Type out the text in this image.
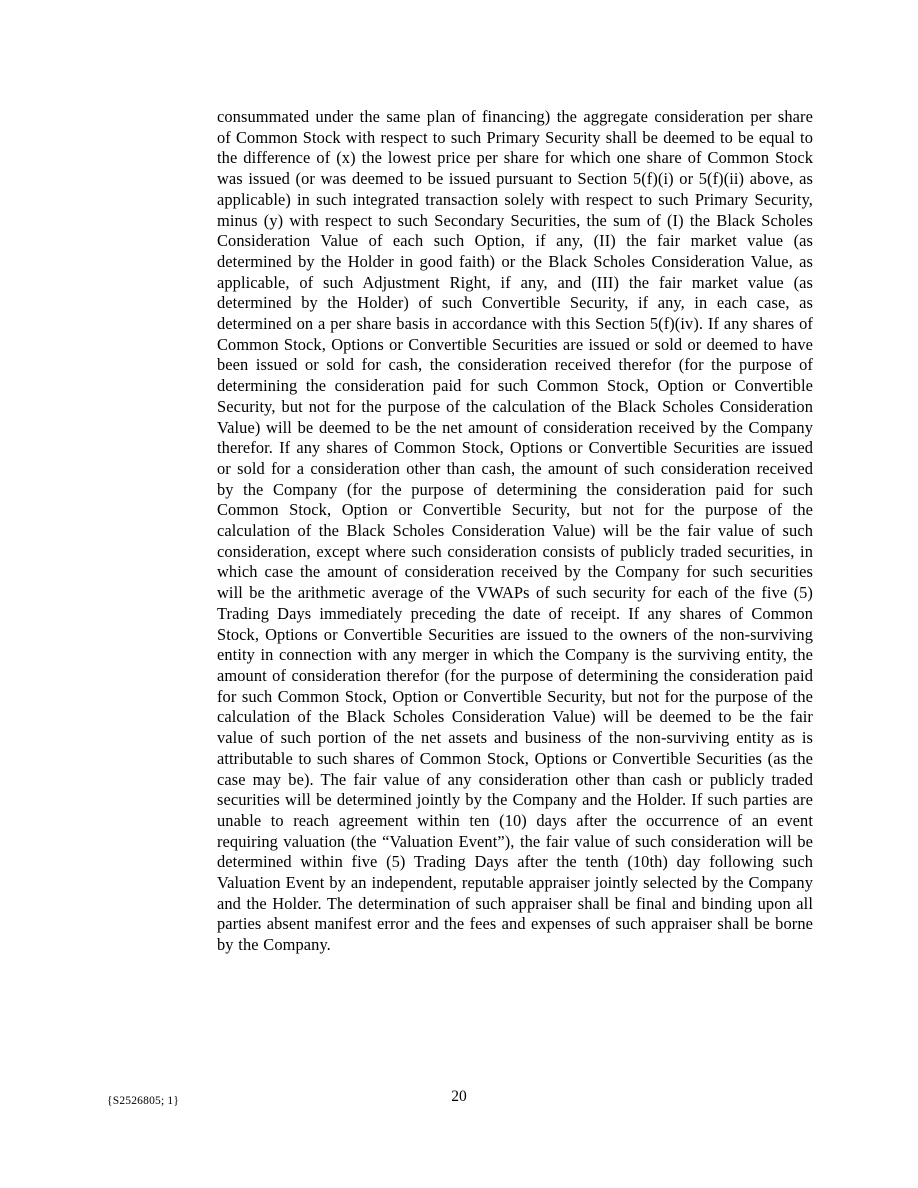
consummated under the same plan of financing) the aggregate consideration per share of Common Stock with respect to such Primary Security shall be deemed to be equal to the difference of (x) the lowest price per share for which one share of Common Stock was issued (or was deemed to be issued pursuant to Section 5(f)(i) or 5(f)(ii) above, as applicable) in such integrated transaction solely with respect to such Primary Security, minus (y) with respect to such Secondary Securities, the sum of (I) the Black Scholes Consideration Value of each such Option, if any, (II) the fair market value (as determined by the Holder in good faith) or the Black Scholes Consideration Value, as applicable, of such Adjustment Right, if any, and (III) the fair market value (as determined by the Holder) of such Convertible Security, if any, in each case, as determined on a per share basis in accordance with this Section 5(f)(iv). If any shares of Common Stock, Options or Convertible Securities are issued or sold or deemed to have been issued or sold for cash, the consideration received therefor (for the purpose of determining the consideration paid for such Common Stock, Option or Convertible Security, but not for the purpose of the calculation of the Black Scholes Consideration Value) will be deemed to be the net amount of consideration received by the Company therefor. If any shares of Common Stock, Options or Convertible Securities are issued or sold for a consideration other than cash, the amount of such consideration received by the Company (for the purpose of determining the consideration paid for such Common Stock, Option or Convertible Security, but not for the purpose of the calculation of the Black Scholes Consideration Value) will be the fair value of such consideration, except where such consideration consists of publicly traded securities, in which case the amount of consideration received by the Company for such securities will be the arithmetic average of the VWAPs of such security for each of the five (5) Trading Days immediately preceding the date of receipt. If any shares of Common Stock, Options or Convertible Securities are issued to the owners of the non-surviving entity in connection with any merger in which the Company is the surviving entity, the amount of consideration therefor (for the purpose of determining the consideration paid for such Common Stock, Option or Convertible Security, but not for the purpose of the calculation of the Black Scholes Consideration Value) will be deemed to be the fair value of such portion of the net assets and business of the non-surviving entity as is attributable to such shares of Common Stock, Options or Convertible Securities (as the case may be). The fair value of any consideration other than cash or publicly traded securities will be determined jointly by the Company and the Holder. If such parties are unable to reach agreement within ten (10) days after the occurrence of an event requiring valuation (the “Valuation Event”), the fair value of such consideration will be determined within five (5) Trading Days after the tenth (10th) day following such Valuation Event by an independent, reputable appraiser jointly selected by the Company and the Holder. The determination of such appraiser shall be final and binding upon all parties absent manifest error and the fees and expenses of such appraiser shall be borne by the Company.
{S2526805; 1}	20
